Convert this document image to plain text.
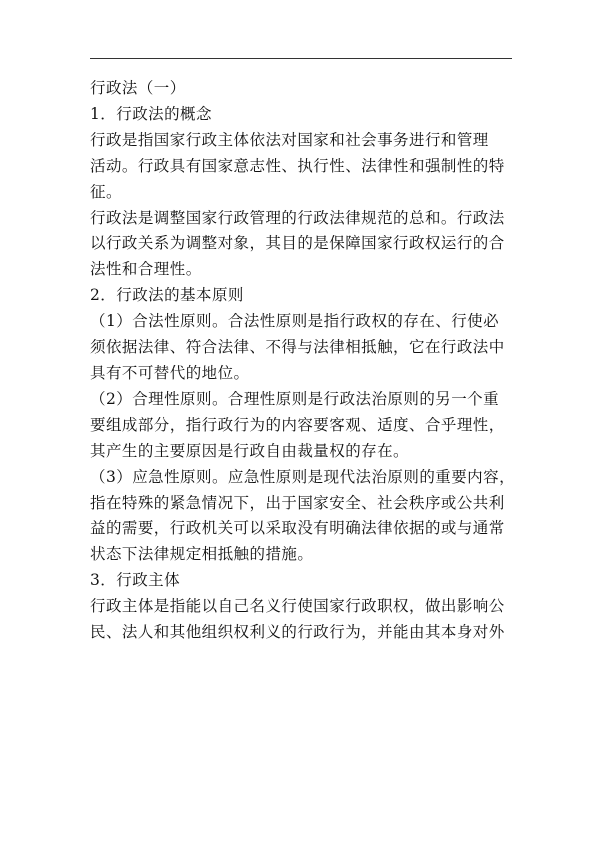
行政法（一）
1．行政法的概念
行政是指国家行政主体依法对国家和社会事务进行和管理
活动。行政具有国家意志性、执行性、法律性和强制性的特
征。
行政法是调整国家行政管理的行政法律规范的总和。行政法
以行政关系为调整对象，其目的是保障国家行政权运行的合
法性和合理性。
2．行政法的基本原则
（1）合法性原则。合法性原则是指行政权的存在、行使必
须依据法律、符合法律、不得与法律相抵触，它在行政法中
具有不可替代的地位。
（2）合理性原则。合理性原则是行政法治原则的另一个重
要组成部分，指行政行为的内容要客观、适度、合乎理性，
其产生的主要原因是行政自由裁量权的存在。
（3）应急性原则。应急性原则是现代法治原则的重要内容，
指在特殊的紧急情况下，出于国家安全、社会秩序或公共利
益的需要，行政机关可以采取没有明确法律依据的或与通常
状态下法律规定相抵触的措施。
3．行政主体
行政主体是指能以自己名义行使国家行政职权，做出影响公
民、法人和其他组织权利义的行政行为，并能由其本身对外
